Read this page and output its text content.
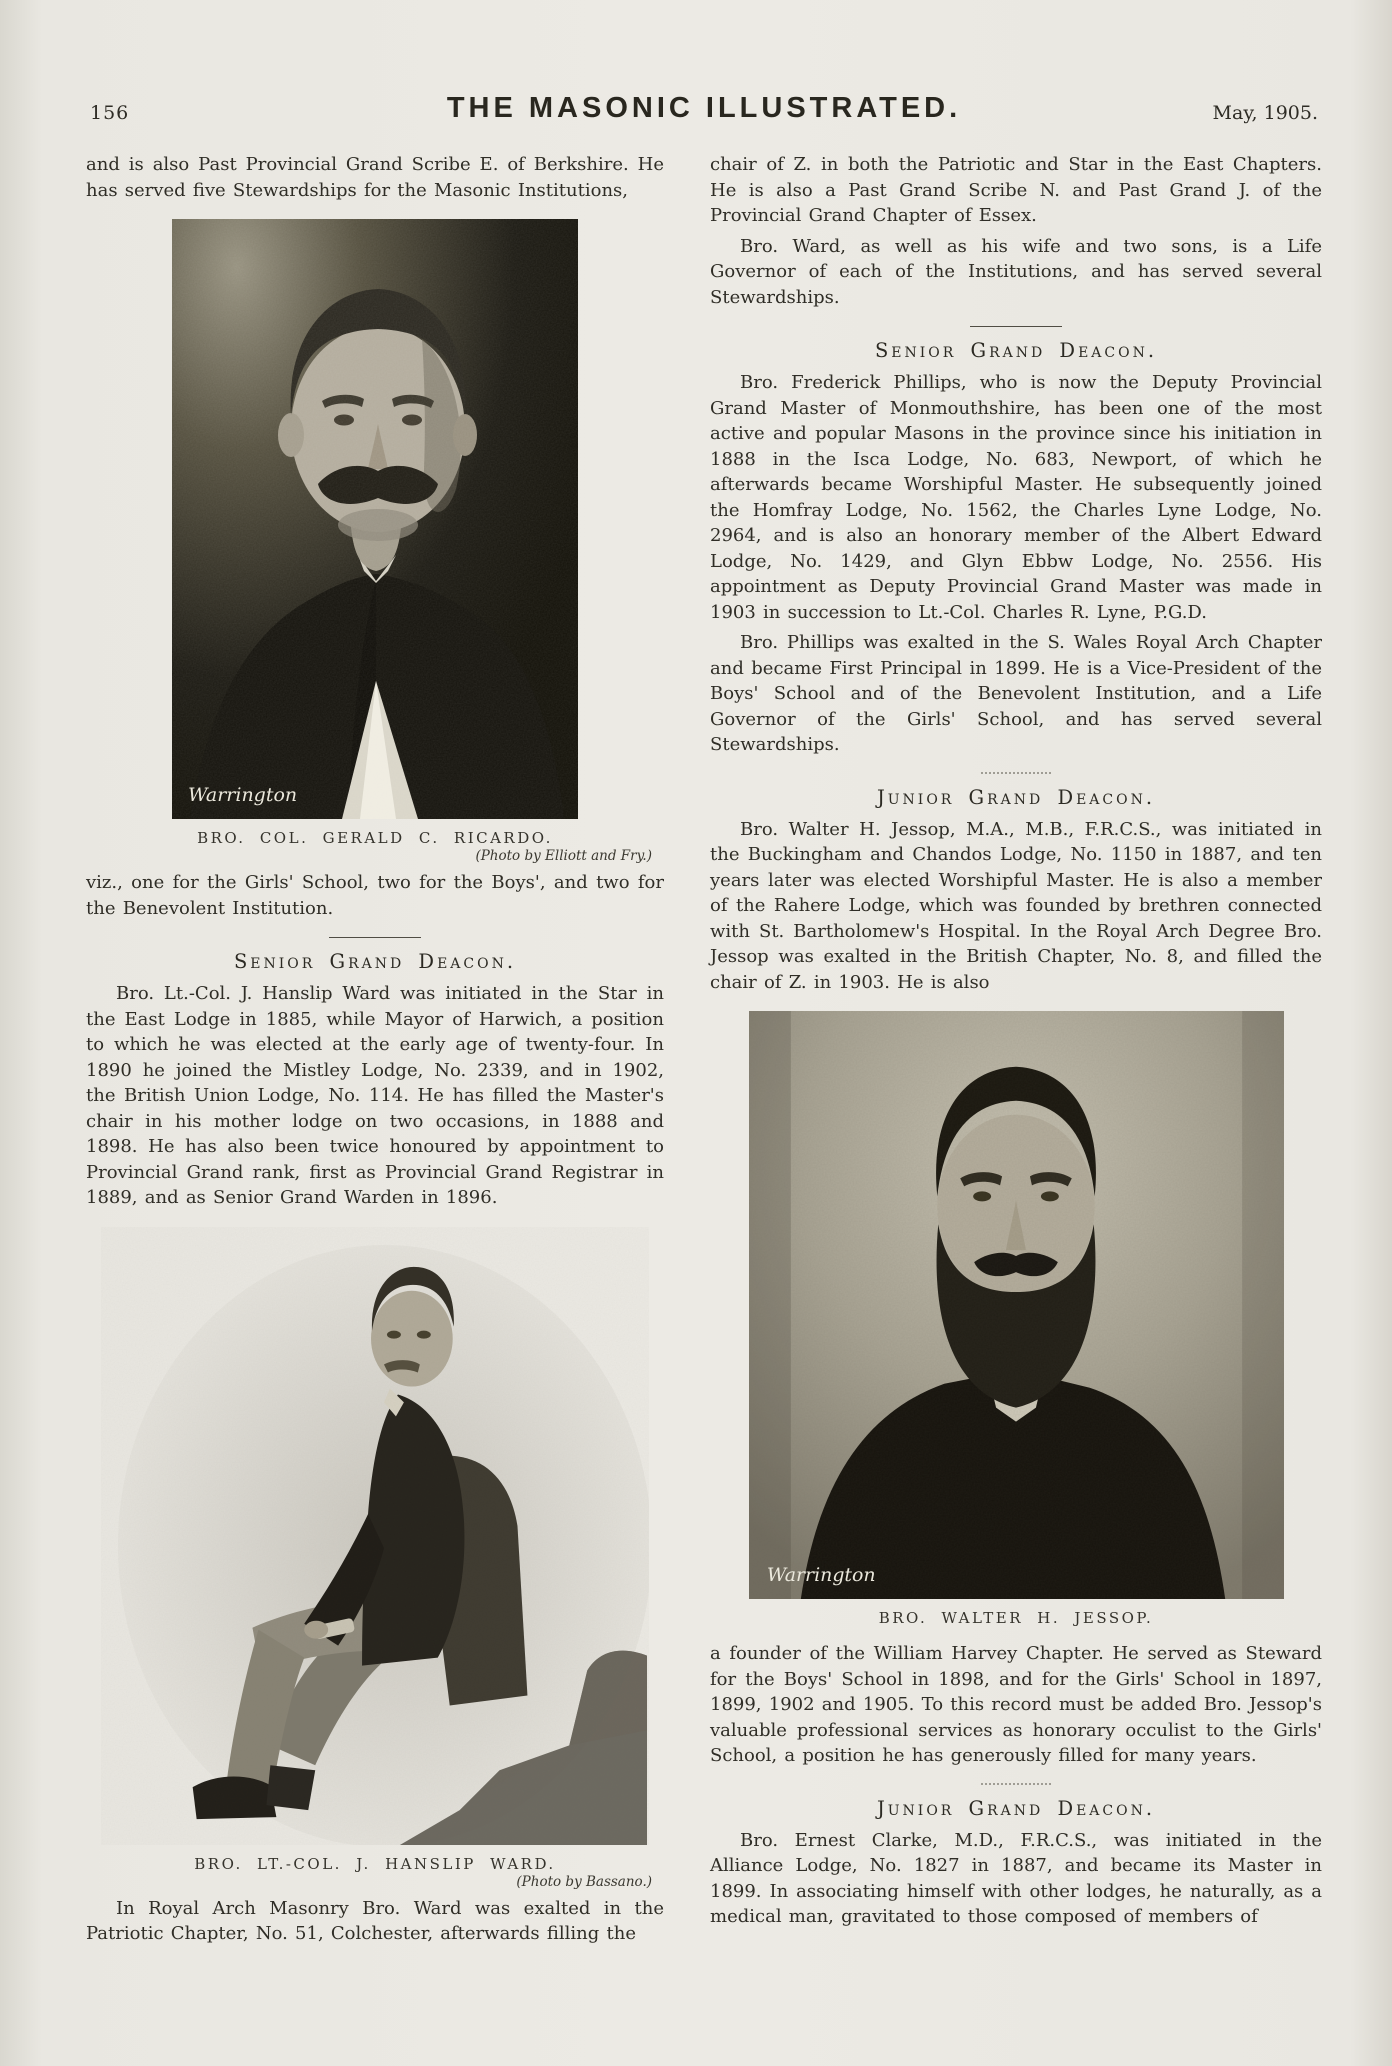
156	THE MASONIC ILLUSTRATED.	May, 1905.

and is also Past Provincial Grand Scribe E. of Berkshire. He has served five Stewardships for the Masonic Institutions,

Warrington
BRO. COL. GERALD C. RICARDO.
(Photo by Elliott and Fry.)

viz., one for the Girls' School, two for the Boys', and two for the Benevolent Institution.

Senior Grand Deacon.

Bro. Lt.-Col. J. Hanslip Ward was initiated in the Star in the East Lodge in 1885, while Mayor of Harwich, a position to which he was elected at the early age of twenty-four. In 1890 he joined the Mistley Lodge, No. 2339, and in 1902, the British Union Lodge, No. 114. He has filled the Master's chair in his mother lodge on two occasions, in 1888 and 1898. He has also been twice honoured by appointment to Provincial Grand rank, first as Provincial Grand Registrar in 1889, and as Senior Grand Warden in 1896.

BRO. LT.-COL. J. HANSLIP WARD.
(Photo by Bassano.)

In Royal Arch Masonry Bro. Ward was exalted in the Patriotic Chapter, No. 51, Colchester, afterwards filling the

chair of Z. in both the Patriotic and Star in the East Chapters. He is also a Past Grand Scribe N. and Past Grand J. of the Provincial Grand Chapter of Essex.

Bro. Ward, as well as his wife and two sons, is a Life Governor of each of the Institutions, and has served several Stewardships.

Senior Grand Deacon.

Bro. Frederick Phillips, who is now the Deputy Provincial Grand Master of Monmouthshire, has been one of the most active and popular Masons in the province since his initiation in 1888 in the Isca Lodge, No. 683, Newport, of which he afterwards became Worshipful Master. He subsequently joined the Homfray Lodge, No. 1562, the Charles Lyne Lodge, No. 2964, and is also an honorary member of the Albert Edward Lodge, No. 1429, and Glyn Ebbw Lodge, No. 2556. His appointment as Deputy Provincial Grand Master was made in 1903 in succession to Lt.-Col. Charles R. Lyne, P.G.D.

Bro. Phillips was exalted in the S. Wales Royal Arch Chapter and became First Principal in 1899. He is a Vice-President of the Boys' School and of the Benevolent Institution, and a Life Governor of the Girls' School, and has served several Stewardships.

Junior Grand Deacon.

Bro. Walter H. Jessop, M.A., M.B., F.R.C.S., was initiated in the Buckingham and Chandos Lodge, No. 1150 in 1887, and ten years later was elected Worshipful Master. He is also a member of the Rahere Lodge, which was founded by brethren connected with St. Bartholomew's Hospital. In the Royal Arch Degree Bro. Jessop was exalted in the British Chapter, No. 8, and filled the chair of Z. in 1903. He is also

Warrington
BRO. WALTER H. JESSOP.

a founder of the William Harvey Chapter. He served as Steward for the Boys' School in 1898, and for the Girls' School in 1897, 1899, 1902 and 1905. To this record must be added Bro. Jessop's valuable professional services as honorary occulist to the Girls' School, a position he has generously filled for many years.

Junior Grand Deacon.

Bro. Ernest Clarke, M.D., F.R.C.S., was initiated in the Alliance Lodge, No. 1827 in 1887, and became its Master in 1899. In associating himself with other lodges, he naturally, as a medical man, gravitated to those composed of members of
